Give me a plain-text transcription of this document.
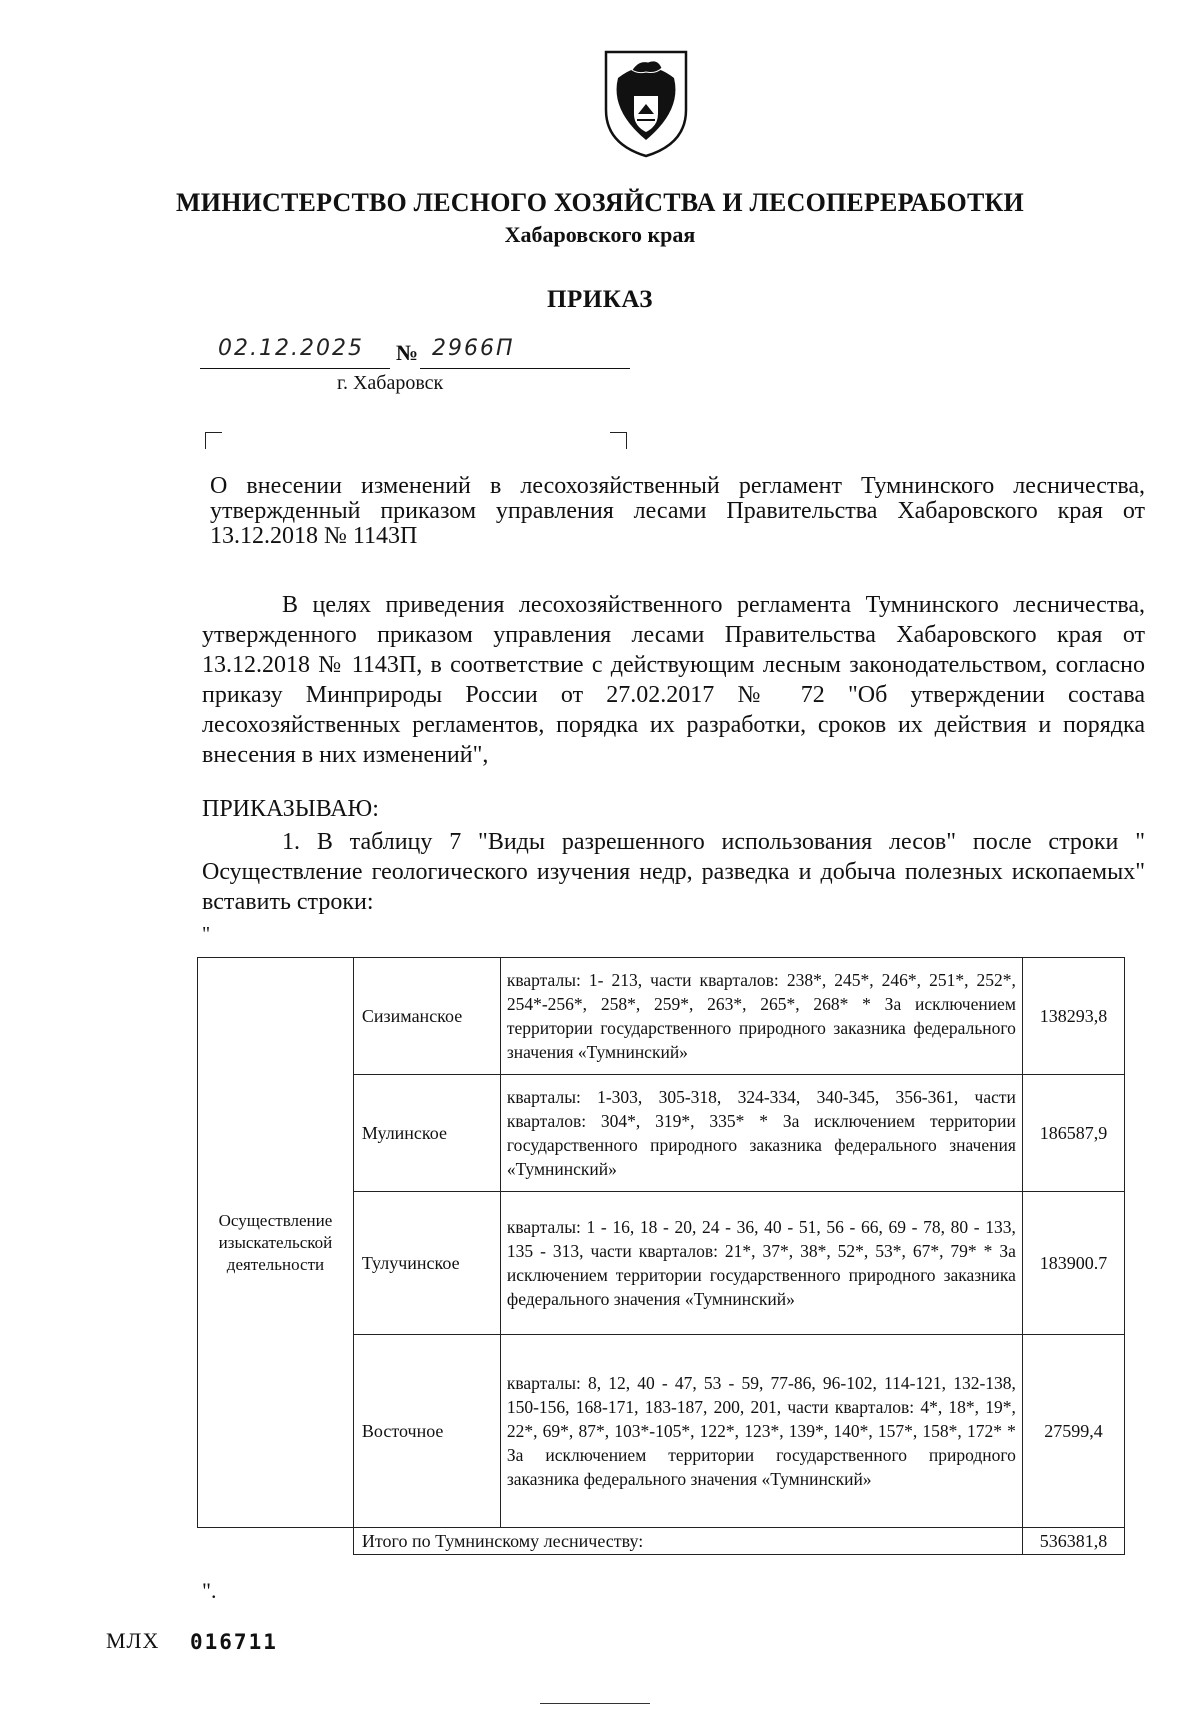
МИНИСТЕРСТВО ЛЕСНОГО ХОЗЯЙСТВА И ЛЕСОПЕРЕРАБОТКИ
Хабаровского края
ПРИКАЗ
02.12.2025 № 2966П
г. Хабаровск
О внесении изменений в лесохозяйственный регламент Тумнинского лесничества, утвержденный приказом управления лесами Правительства Хабаровского края от 13.12.2018 № 1143П
В целях приведения лесохозяйственного регламента Тумнинского лесничества, утвержденного приказом управления лесами Правительства Хабаровского края от 13.12.2018 № 1143П, в соответствие с действующим лесным законодательством, согласно приказу Минприроды России от 27.02.2017 № 72 "Об утверждении состава лесохозяйственных регламентов, порядка их разработки, сроков их действия и порядка внесения в них изменений",
ПРИКАЗЫВАЮ:
1. В таблицу 7 "Виды разрешенного использования лесов" после строки " Осуществление геологического изучения недр, разведка и добыча полезных ископаемых" вставить строки:
"
Осуществление изыскательской деятельности	Сизиманское	кварталы: 1- 213, части кварталов: 238*, 245*, 246*, 251*, 252*, 254*-256*, 258*, 259*, 263*, 265*, 268* * За исключением территории государственного природного заказника федерального значения «Тумнинский»	138293,8
	Мулинское	кварталы: 1-303, 305-318, 324-334, 340-345, 356-361, части кварталов: 304*, 319*, 335* * За исключением территории государственного природного заказника федерального значения «Тумнинский»	186587,9
	Тулучинское	кварталы: 1 - 16, 18 - 20, 24 - 36, 40 - 51, 56 - 66, 69 - 78, 80 - 133, 135 - 313, части кварталов: 21*, 37*, 38*, 52*, 53*, 67*, 79* * За исключением территории государственного природного заказника федерального значения «Тумнинский»	183900.7
	Восточное	кварталы: 8, 12, 40 - 47, 53 - 59, 77-86, 96-102, 114-121, 132-138, 150-156, 168-171, 183-187, 200, 201, части кварталов: 4*, 18*, 19*, 22*, 69*, 87*, 103*-105*, 122*, 123*, 139*, 140*, 157*, 158*, 172* * За исключением территории государственного природного заказника федерального значения «Тумнинский»	27599,4
	Итого по Тумнинскому лесничеству:		536381,8
".
МЛХ 016711
